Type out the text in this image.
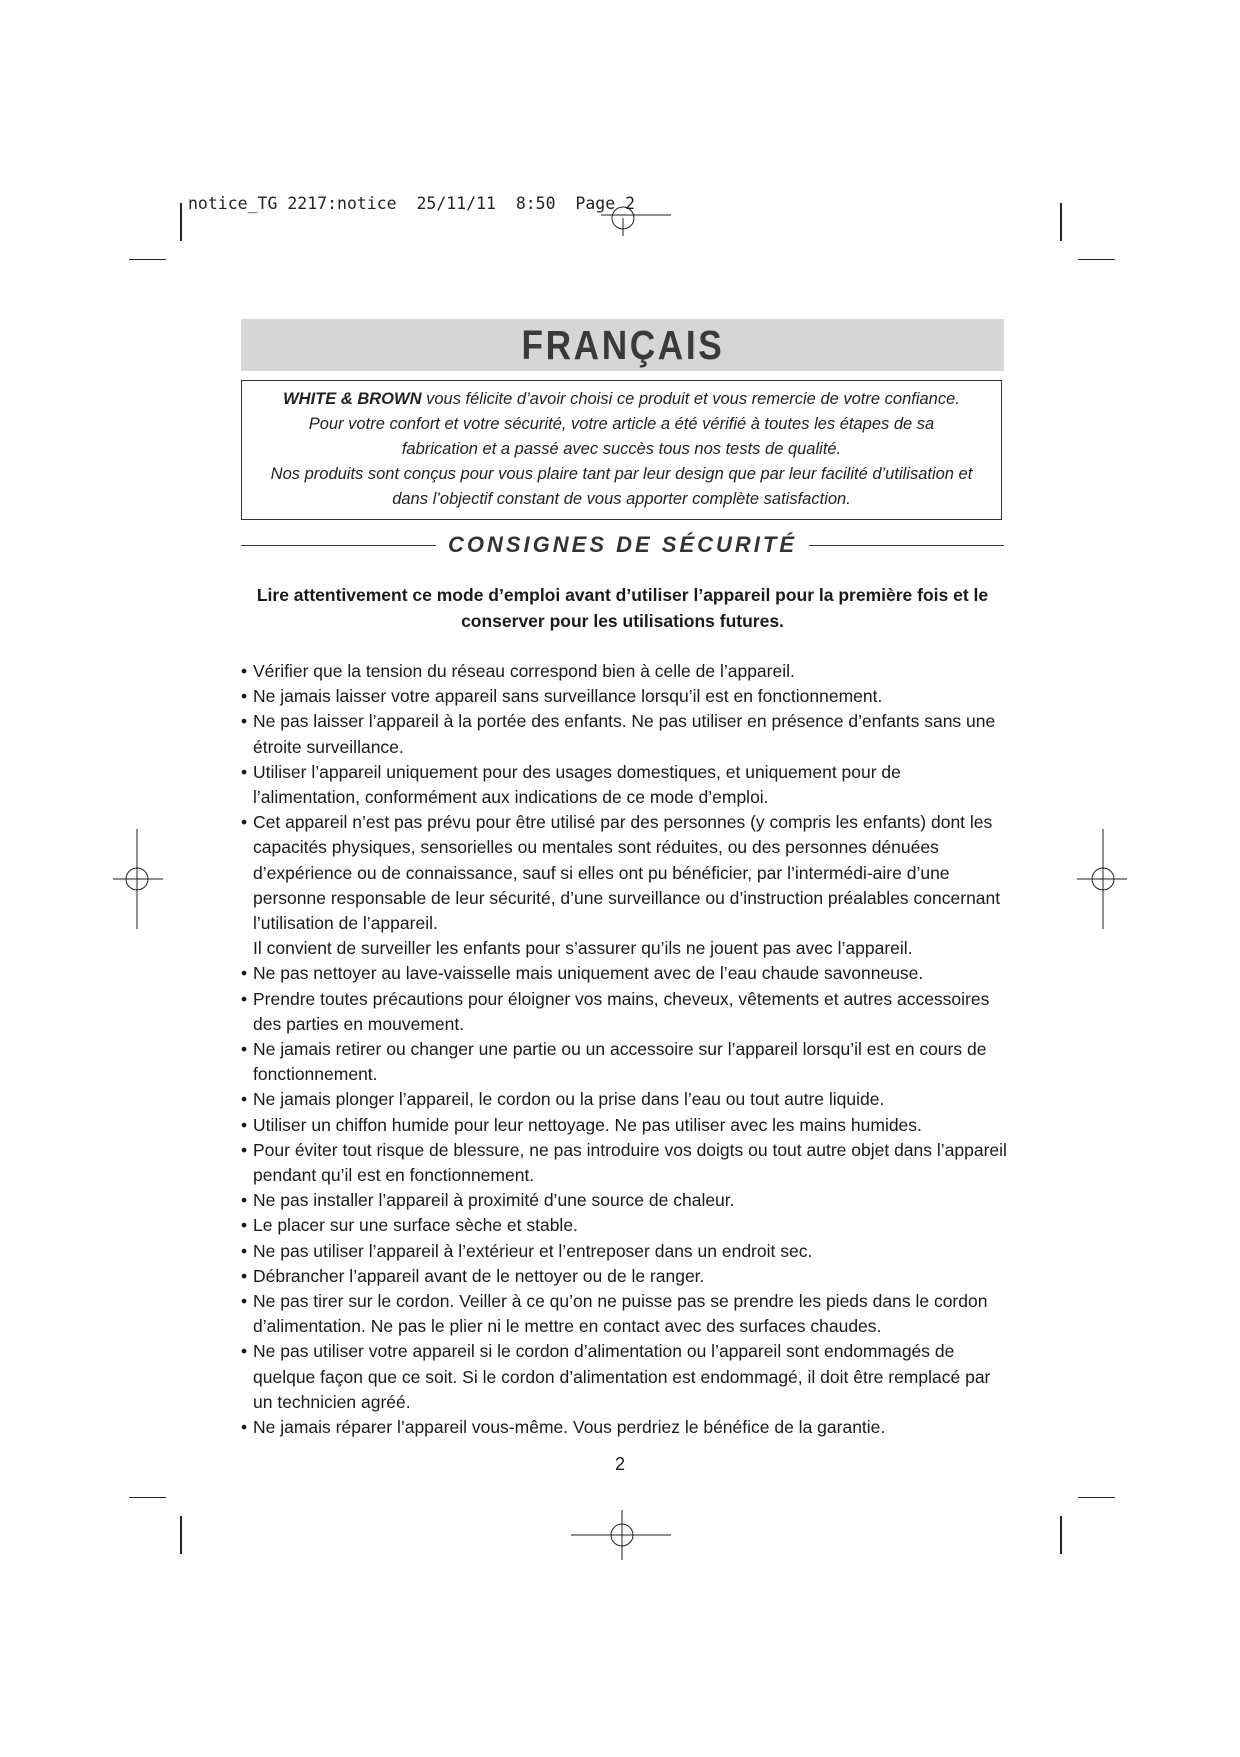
notice_TG 2217:notice  25/11/11  8:50  Page 2
FRANÇAIS
WHITE & BROWN vous félicite d’avoir choisi ce produit et vous remercie de votre confiance.
Pour votre confort et votre sécurité, votre article a été vérifié à toutes les étapes de sa
fabrication et a passé avec succès tous nos tests de qualité.
Nos produits sont conçus pour vous plaire tant par leur design que par leur facilité d’utilisation et
dans l’objectif constant de vous apporter complète satisfaction.
CONSIGNES DE SÉCURITÉ
Lire attentivement ce mode d’emploi avant d’utiliser l’appareil pour la première fois et le
conserver pour les utilisations futures.
• Vérifier que la tension du réseau correspond bien à celle de l’appareil.
• Ne jamais laisser votre appareil sans surveillance lorsqu’il est en fonctionnement.
• Ne pas laisser l’appareil à la portée des enfants. Ne pas utiliser en présence d’enfants sans une étroite surveillance.
• Utiliser l’appareil uniquement pour des usages domestiques, et uniquement pour de l’alimentation, conformément aux indications de ce mode d’emploi.
• Cet appareil n’est pas prévu pour être utilisé par des personnes (y compris les enfants) dont les capacités physiques, sensorielles ou mentales sont réduites, ou des personnes dénuées d’expérience ou de connaissance, sauf si elles ont pu bénéficier, par l’intermédi-aire d’une personne responsable de leur sécurité, d’une surveillance ou d’instruction préalables concernant l’utilisation de l’appareil.
Il convient de surveiller les enfants pour s’assurer qu’ils ne jouent pas avec l’appareil.
• Ne pas nettoyer au lave-vaisselle mais uniquement avec de l’eau chaude savonneuse.
• Prendre toutes précautions pour éloigner vos mains, cheveux, vêtements et autres accessoires des parties en mouvement.
• Ne jamais retirer ou changer une partie ou un accessoire sur l’appareil lorsqu’il est en cours de fonctionnement.
• Ne jamais plonger l’appareil, le cordon ou la prise dans l’eau ou tout autre liquide.
• Utiliser un chiffon humide pour leur nettoyage. Ne pas utiliser avec les mains humides.
• Pour éviter tout risque de blessure, ne pas introduire vos doigts ou tout autre objet dans l’appareil pendant qu’il est en fonctionnement.
• Ne pas installer l’appareil à proximité d’une source de chaleur.
• Le placer sur une surface sèche et stable.
• Ne pas utiliser l’appareil à l’extérieur et l’entreposer dans un endroit sec.
• Débrancher l’appareil avant de le nettoyer ou de le ranger.
• Ne pas tirer sur le cordon. Veiller à ce qu’on ne puisse pas se prendre les pieds dans le cordon d’alimentation. Ne pas le plier ni le mettre en contact avec des surfaces chaudes.
• Ne pas utiliser votre appareil si le cordon d’alimentation ou l’appareil sont endommagés de quelque façon que ce soit. Si le cordon d’alimentation est endommagé, il doit être remplacé par un technicien agréé.
• Ne jamais réparer l’appareil vous-même. Vous perdriez le bénéfice de la garantie.
2
